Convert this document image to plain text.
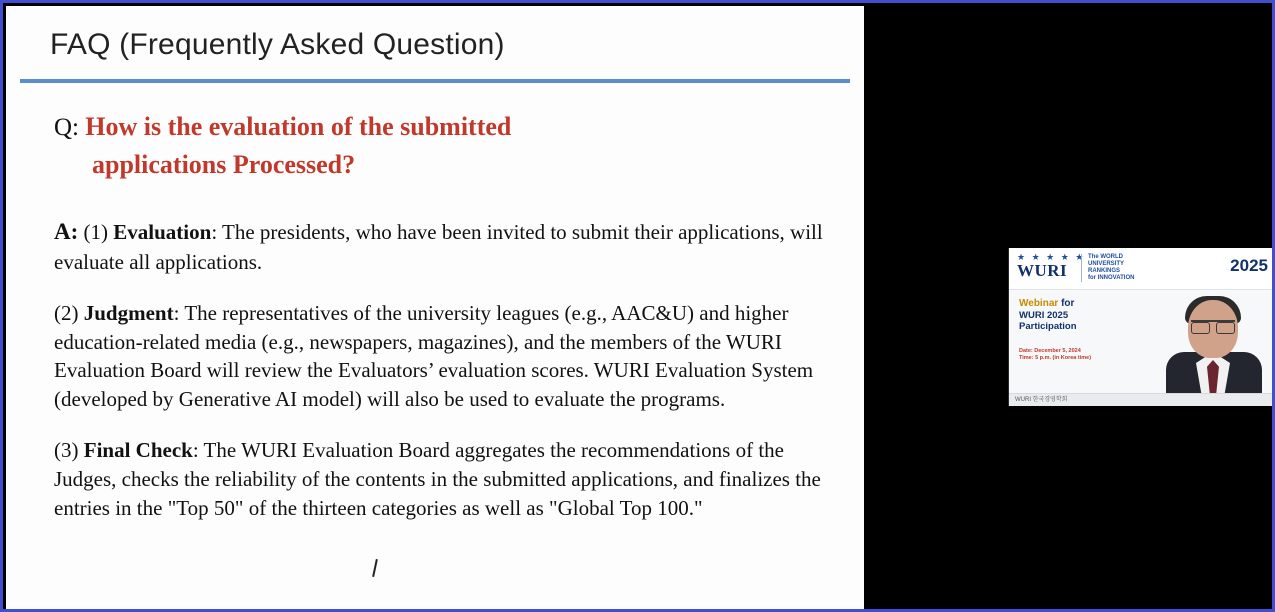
FAQ (Frequently Asked Question)
Q: How is the evaluation of the submitted
applications Processed?

A: (1) Evaluation: The presidents, who have been invited to submit their applications, will evaluate all applications.

(2) Judgment: The representatives of the university leagues (e.g., AAC&U) and higher education-related media (e.g., newspapers, magazines), and the members of the WURI Evaluation Board will review the Evaluators’ evaluation scores. WURI Evaluation System (developed by Generative AI model) will also be used to evaluate the programs.

(3) Final Check: The WURI Evaluation Board aggregates the recommendations of the Judges, checks the reliability of the contents in the submitted applications, and finalizes the entries in the "Top 50" of the thirteen categories as well as "Global Top 100."

★ ★ ★ ★ ★
WURI
The WORLD
UNIVERSITY
RANKINGS
for INNOVATION
2025
Webinar for
WURI 2025
Participation
Date: December 5, 2024
Time: 5 p.m. (in Korea time)
WURI 한국경영학회
